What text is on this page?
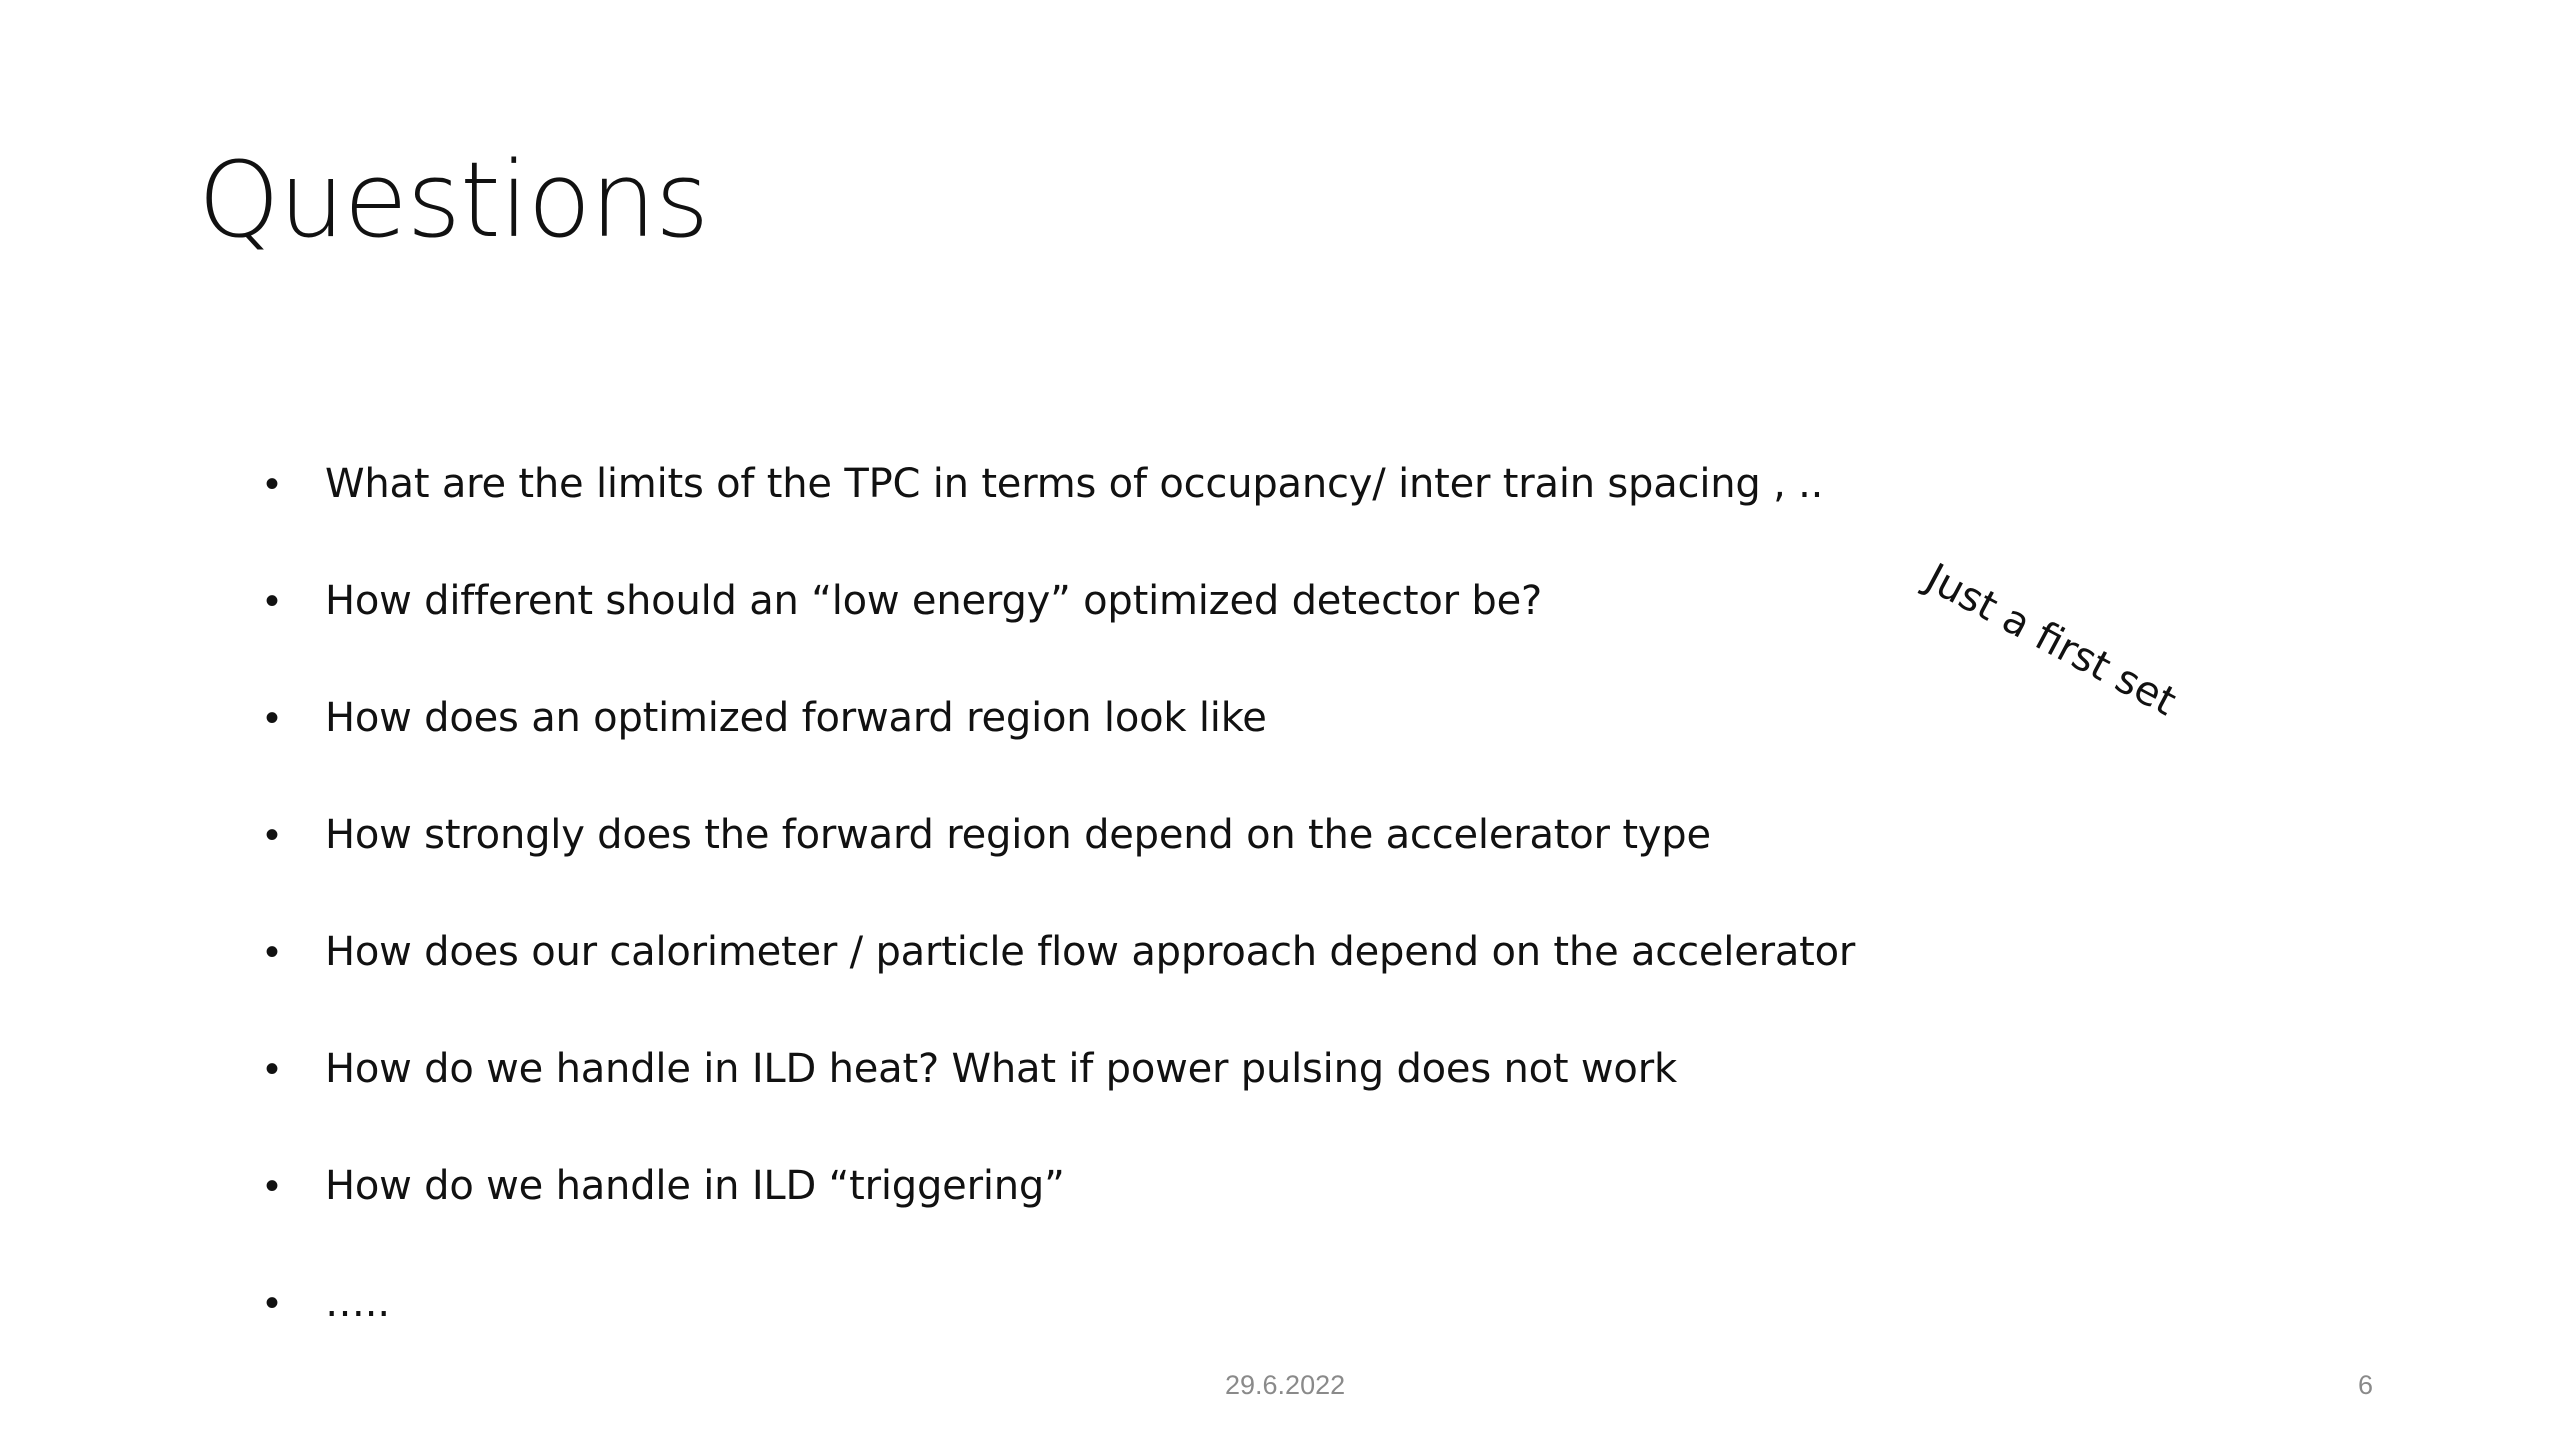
Questions
•	What are the limits of the TPC in terms of occupancy/ inter train spacing , ..
•	How different should an “low energy” optimized detector be?
•	How does an optimized forward region look like
•	How strongly does the forward region depend on the accelerator type
•	How does our calorimeter / particle flow approach depend on the accelerator
•	How do we handle in ILD heat? What if power pulsing does not work
•	How do we handle in ILD “triggering”
•	…..
Just a first set
29.6.2022	6
